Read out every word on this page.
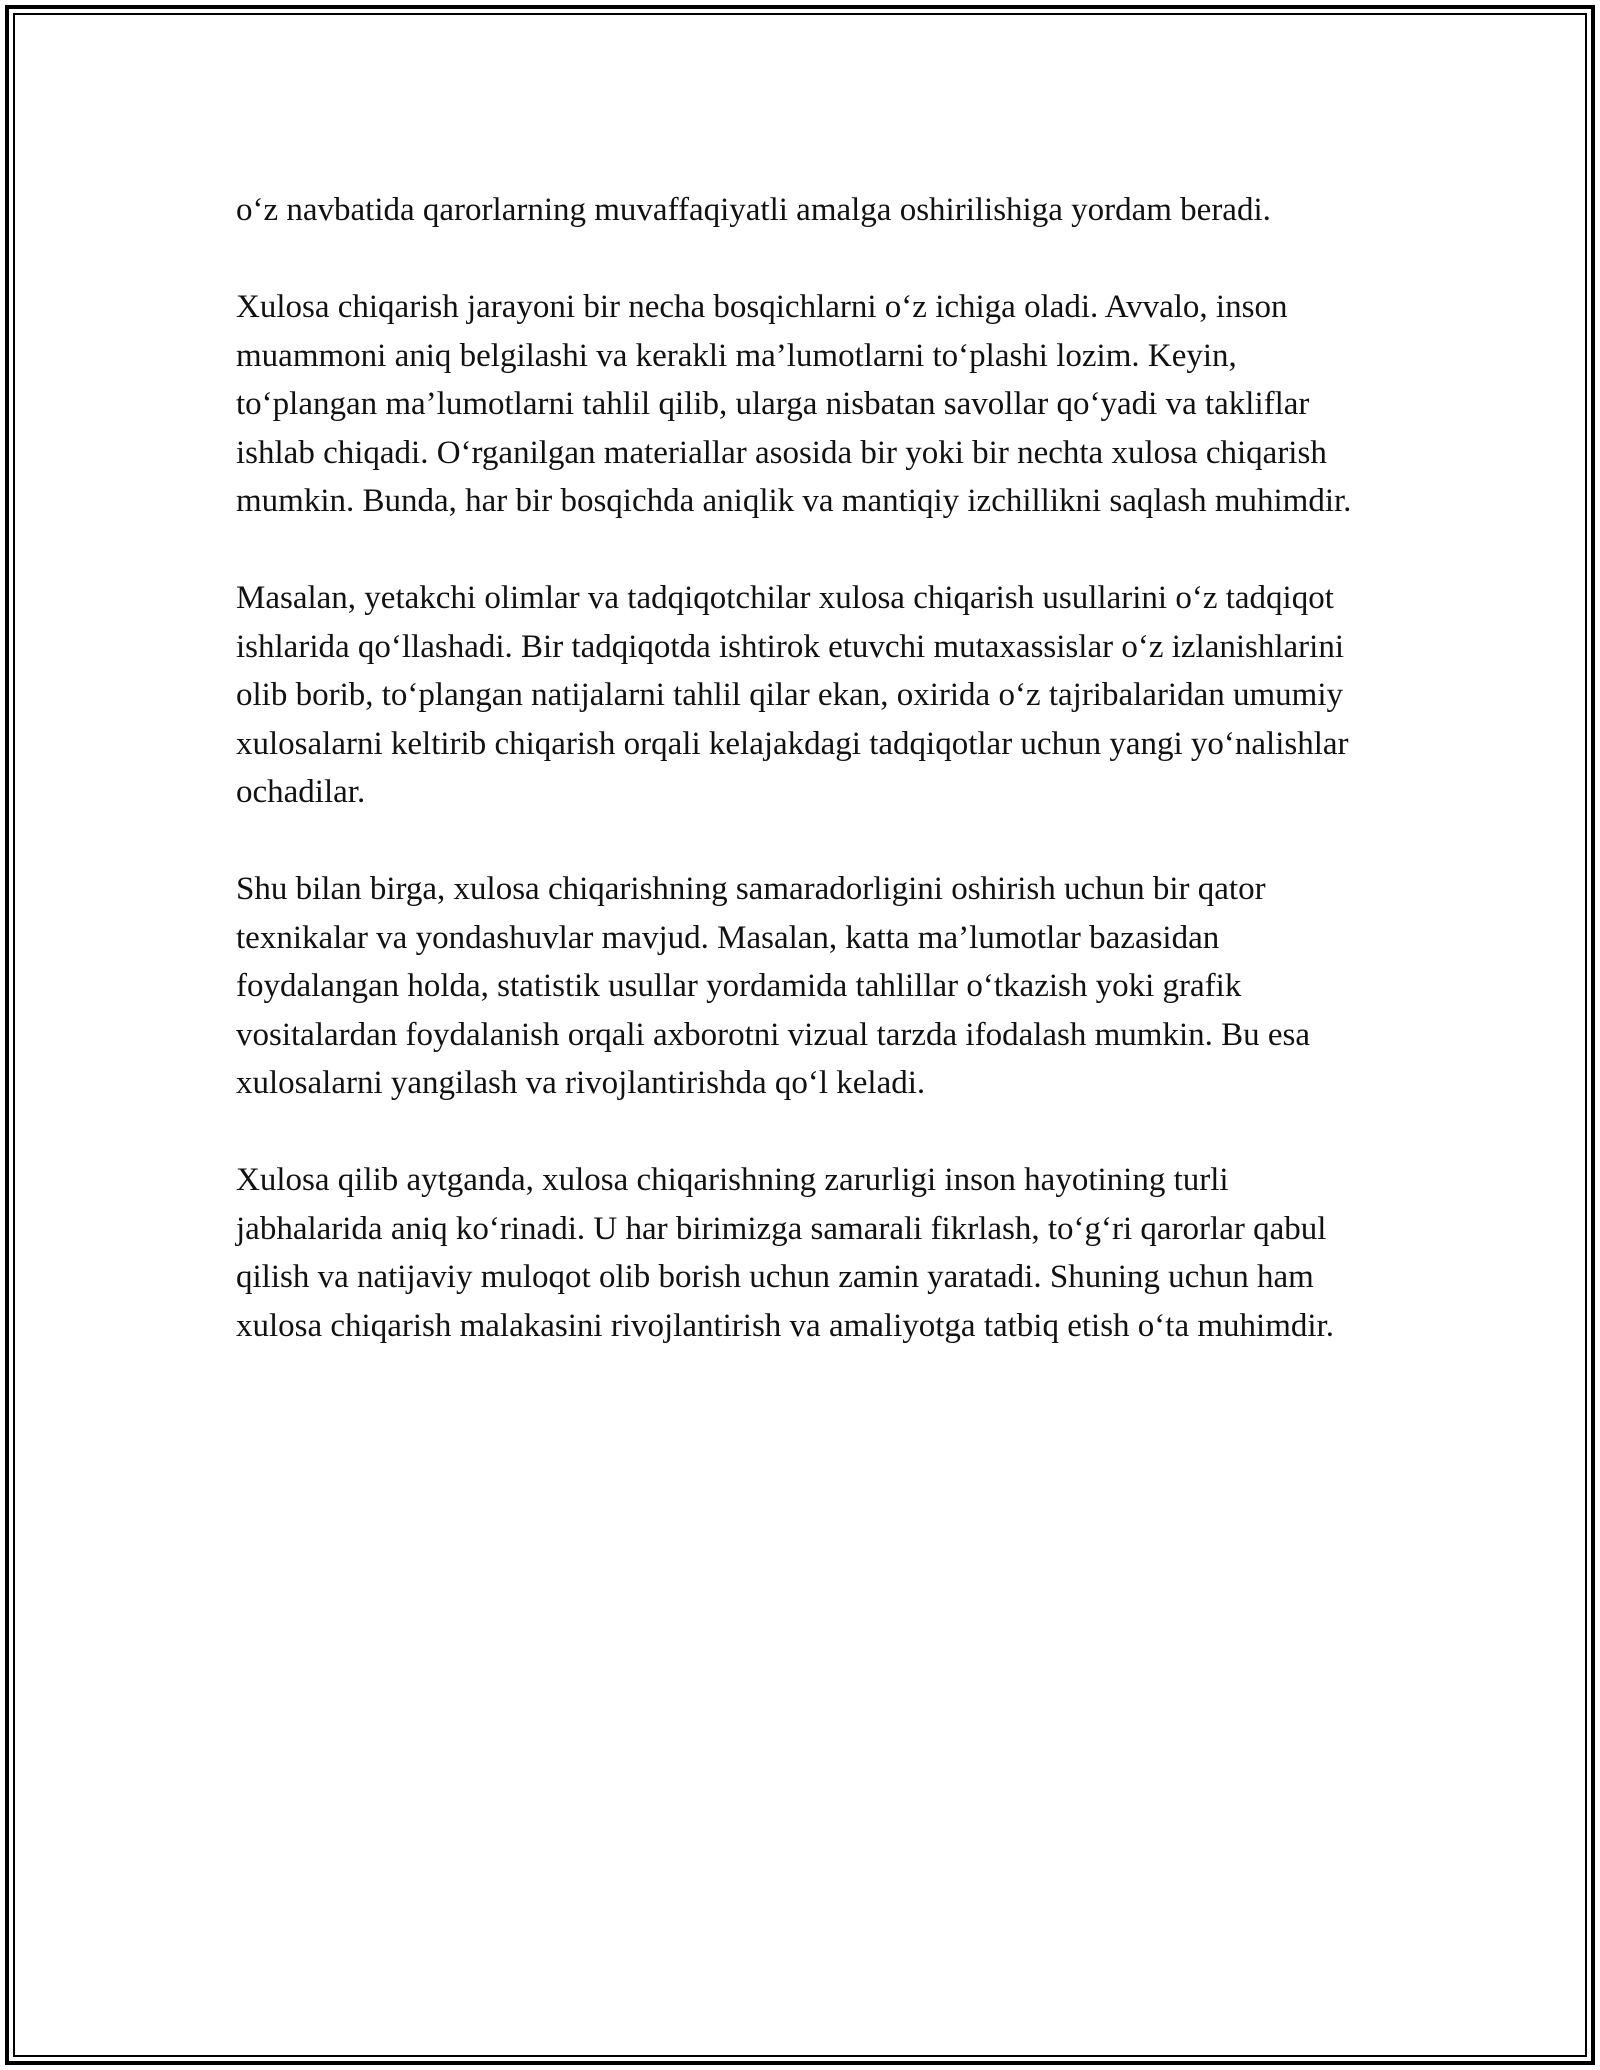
o‘z navbatida qarorlarning muvaffaqiyatli amalga oshirilishiga yordam beradi.

Xulosa chiqarish jarayoni bir necha bosqichlarni o‘z ichiga oladi. Avvalo, inson muammoni aniq belgilashi va kerakli ma’lumotlarni to‘plashi lozim. Keyin, to‘plangan ma’lumotlarni tahlil qilib, ularga nisbatan savollar qo‘yadi va takliflar ishlab chiqadi. O‘rganilgan materiallar asosida bir yoki bir nechta xulosa chiqarish mumkin. Bunda, har bir bosqichda aniqlik va mantiqiy izchillikni saqlash muhimdir.

Masalan, yetakchi olimlar va tadqiqotchilar xulosa chiqarish usullarini o‘z tadqiqot ishlarida qo‘llashadi. Bir tadqiqotda ishtirok etuvchi mutaxassislar o‘z izlanishlarini olib borib, to‘plangan natijalarni tahlil qilar ekan, oxirida o‘z tajribalaridan umumiy xulosalarni keltirib chiqarish orqali kelajakdagi tadqiqotlar uchun yangi yo‘nalishlar ochadilar.

Shu bilan birga, xulosa chiqarishning samaradorligini oshirish uchun bir qator texnikalar va yondashuvlar mavjud. Masalan, katta ma’lumotlar bazasidan foydalangan holda, statistik usullar yordamida tahlillar o‘tkazish yoki grafik vositalardan foydalanish orqali axborotni vizual tarzda ifodalash mumkin. Bu esa xulosalarni yangilash va rivojlantirishda qo‘l keladi.

Xulosa qilib aytganda, xulosa chiqarishning zarurligi inson hayotining turli jabhalarida aniq ko‘rinadi. U har birimizga samarali fikrlash, to‘g‘ri qarorlar qabul qilish va natijaviy muloqot olib borish uchun zamin yaratadi. Shuning uchun ham xulosa chiqarish malakasini rivojlantirish va amaliyotga tatbiq etish o‘ta muhimdir.
